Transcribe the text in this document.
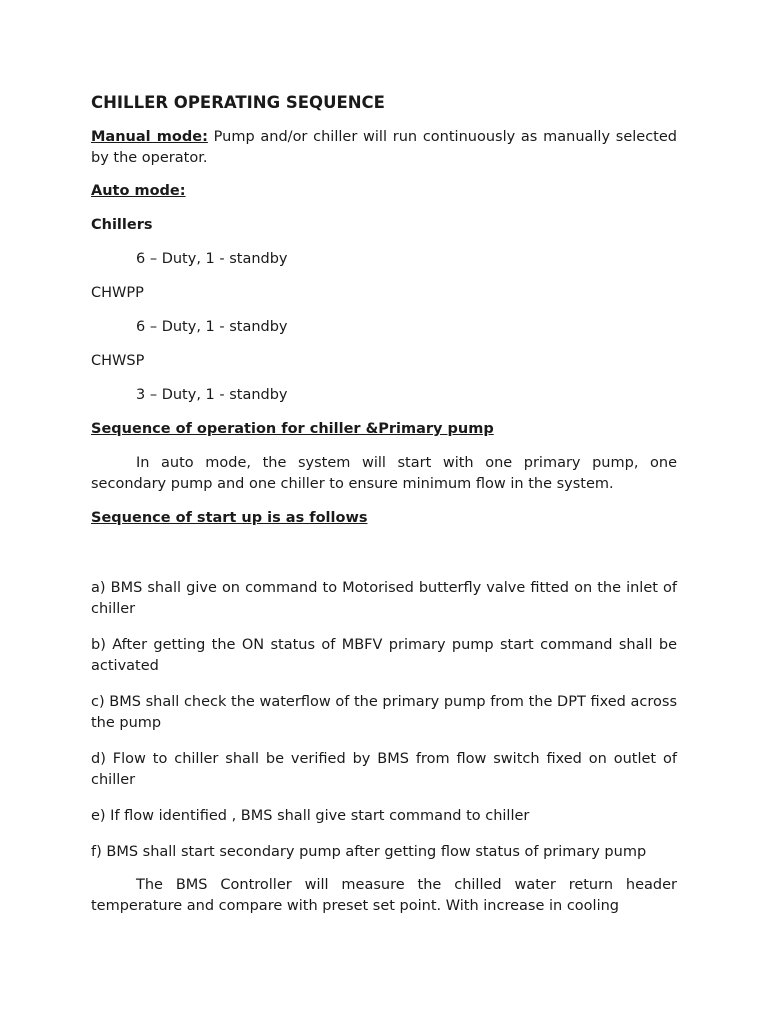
CHILLER OPERATING SEQUENCE

Manual mode: Pump and/or chiller will run continuously as manually selected by the operator.

Auto mode:

Chillers

6 – Duty, 1 - standby

CHWPP

6 – Duty, 1 - standby

CHWSP

3 – Duty, 1 - standby

Sequence of operation for chiller &Primary pump

In auto mode, the system will start with one primary pump, one secondary pump and one chiller to ensure minimum flow in the system.

Sequence of start up is as follows

a) BMS shall give on command to Motorised butterfly valve fitted on the inlet of chiller

b) After getting the ON status of MBFV primary pump start command shall be activated

c) BMS shall check the waterflow of the primary pump from the DPT fixed across the pump

d) Flow to chiller shall be verified by BMS from flow switch fixed on outlet of chiller

e) If flow identified , BMS shall give start command to chiller

f) BMS shall start secondary pump after getting flow status of primary pump

The BMS Controller will measure the chilled water return header temperature and compare with preset set point. With increase in cooling
